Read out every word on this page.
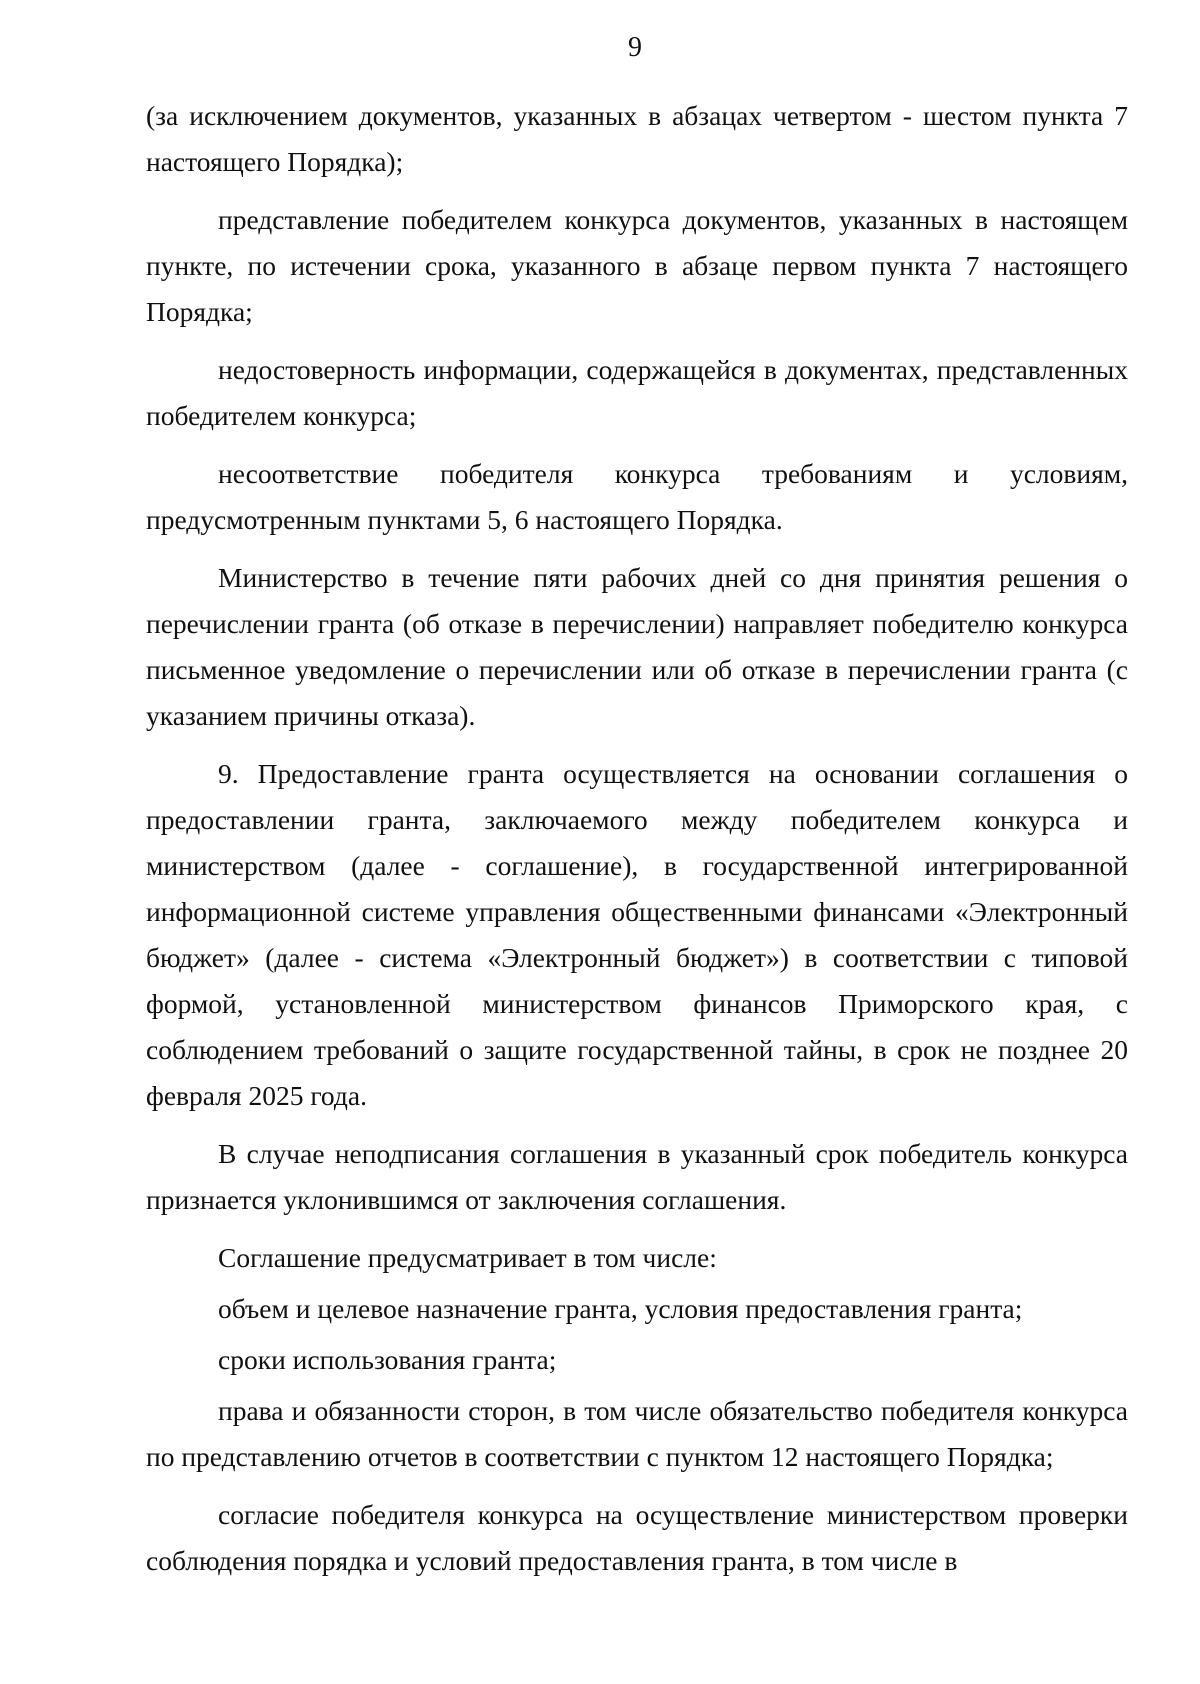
9

(за исключением документов, указанных в абзацах четвертом - шестом пункта 7 настоящего Порядка);

представление победителем конкурса документов, указанных в настоящем пункте, по истечении срока, указанного в абзаце первом пункта 7 настоящего Порядка;

недостоверность информации, содержащейся в документах, представленных победителем конкурса;

несоответствие победителя конкурса требованиям и условиям, предусмотренным пунктами 5, 6 настоящего Порядка.

Министерство в течение пяти рабочих дней со дня принятия решения о перечислении гранта (об отказе в перечислении) направляет победителю конкурса письменное уведомление о перечислении или об отказе в перечислении гранта (с указанием причины отказа).

9. Предоставление гранта осуществляется на основании соглашения о предоставлении гранта, заключаемого между победителем конкурса и министерством (далее - соглашение), в государственной интегрированной информационной системе управления общественными финансами «Электронный бюджет» (далее - система «Электронный бюджет») в соответствии с типовой формой, установленной министерством финансов Приморского края, с соблюдением требований о защите государственной тайны, в срок не позднее 20 февраля 2025 года.

В случае неподписания соглашения в указанный срок победитель конкурса признается уклонившимся от заключения соглашения.

Соглашение предусматривает в том числе:

объем и целевое назначение гранта, условия предоставления гранта;

сроки использования гранта;

права и обязанности сторон, в том числе обязательство победителя конкурса по представлению отчетов в соответствии с пунктом 12 настоящего Порядка;

согласие победителя конкурса на осуществление министерством проверки соблюдения порядка и условий предоставления гранта, в том числе в
